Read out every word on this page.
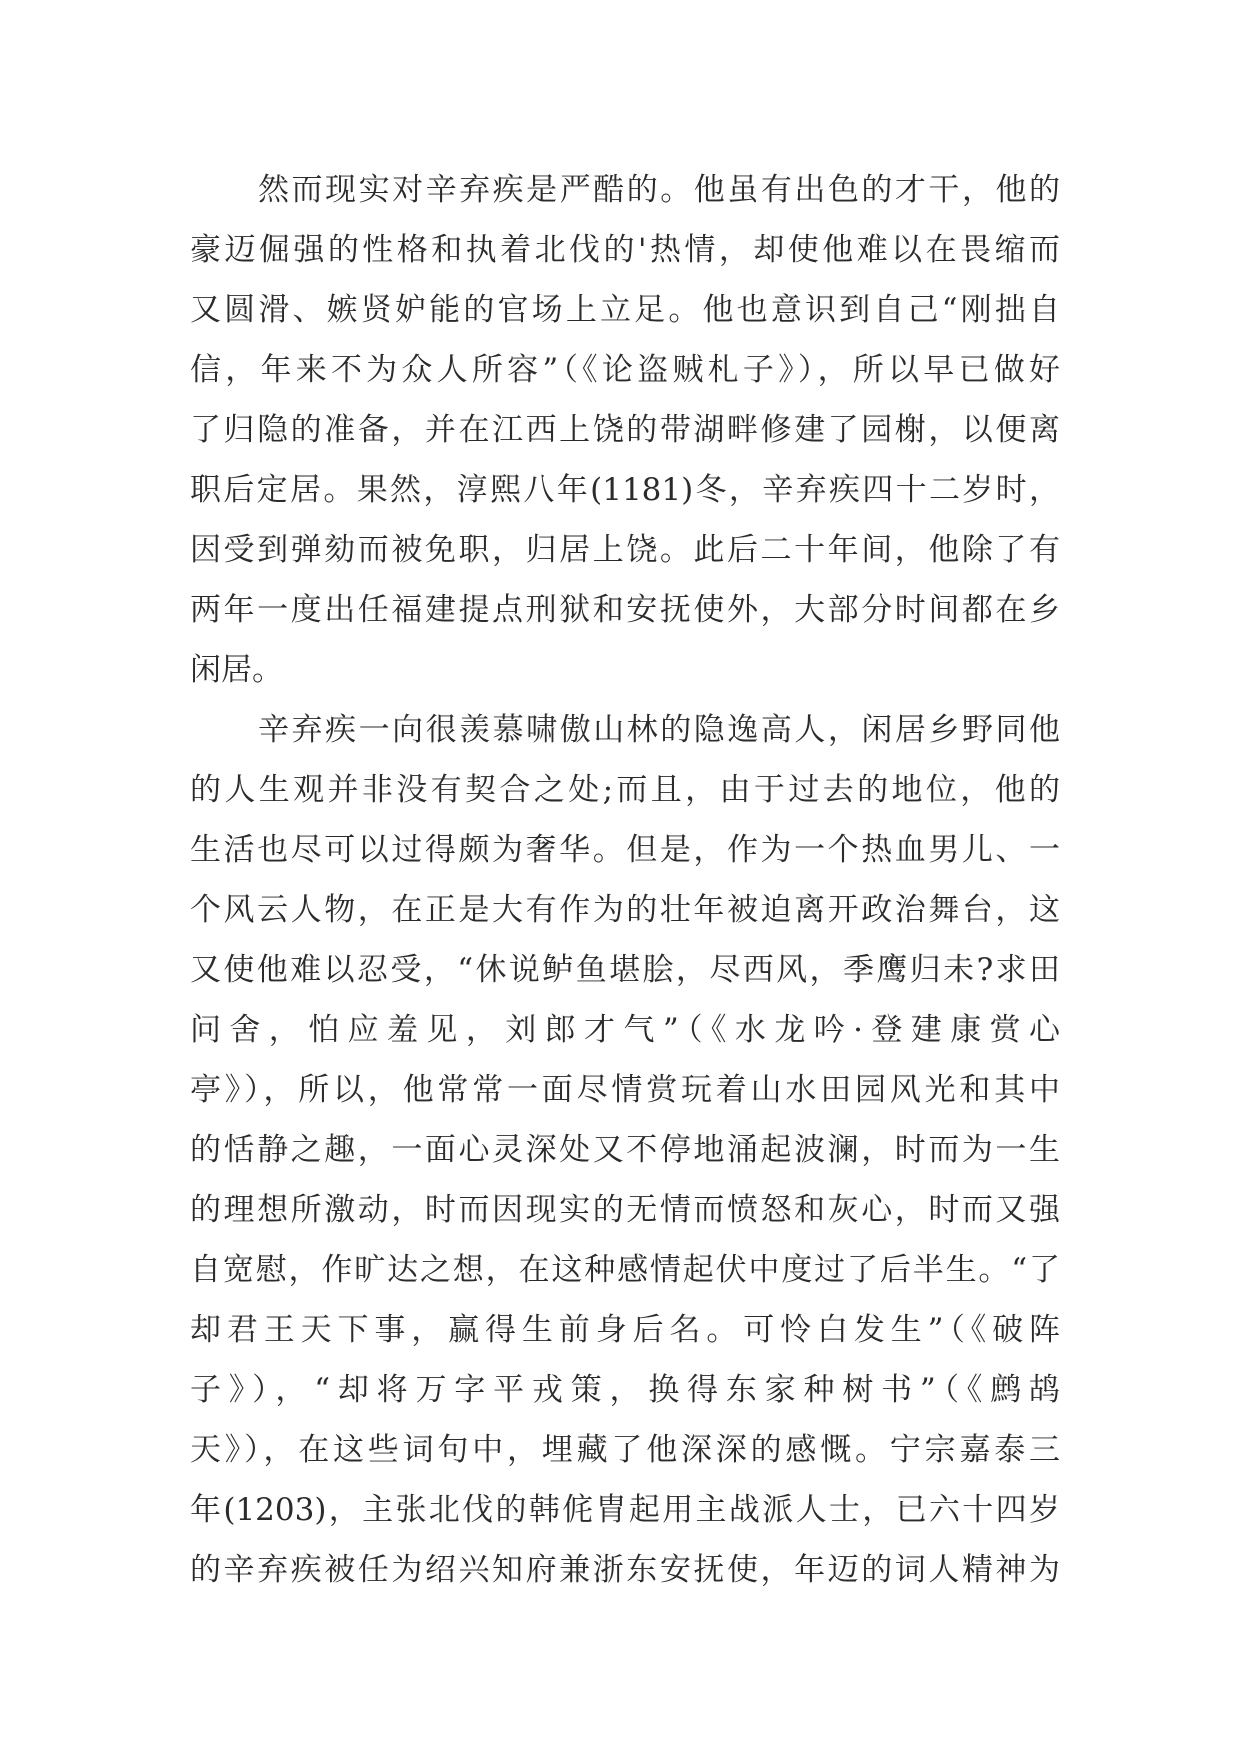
然而现实对辛弃疾是严酷的。他虽有出色的才干，他的
豪迈倔强的性格和执着北伐的'热情，却使他难以在畏缩而
又圆滑、嫉贤妒能的官场上立足。他也意识到自己“刚拙自
信，年来不为众人所容”（《论盗贼札子》），所以早已做好
了归隐的准备，并在江西上饶的带湖畔修建了园榭，以便离
职后定居。果然，淳熙八年(1181)冬，辛弃疾四十二岁时，
因受到弹劾而被免职，归居上饶。此后二十年间，他除了有
两年一度出任福建提点刑狱和安抚使外，大部分时间都在乡
闲居。
辛弃疾一向很羡慕啸傲山林的隐逸高人，闲居乡野同他
的人生观并非没有契合之处;而且，由于过去的地位，他的
生活也尽可以过得颇为奢华。但是，作为一个热血男儿、一
个风云人物，在正是大有作为的壮年被迫离开政治舞台，这
又使他难以忍受，“休说鲈鱼堪脍，尽西风，季鹰归未?求田
问舍，怕应羞见，刘郎才气”（《水龙吟·登建康赏心
亭》），所以，他常常一面尽情赏玩着山水田园风光和其中
的恬静之趣，一面心灵深处又不停地涌起波澜，时而为一生
的理想所激动，时而因现实的无情而愤怒和灰心，时而又强
自宽慰，作旷达之想，在这种感情起伏中度过了后半生。“了
却君王天下事，赢得生前身后名。可怜白发生”（《破阵
子》），“却将万字平戎策，换得东家种树书”（《鹧鸪
天》），在这些词句中，埋藏了他深深的感慨。宁宗嘉泰三
年(1203)，主张北伐的韩侂胄起用主战派人士，已六十四岁
的辛弃疾被任为绍兴知府兼浙东安抚使，年迈的词人精神为
